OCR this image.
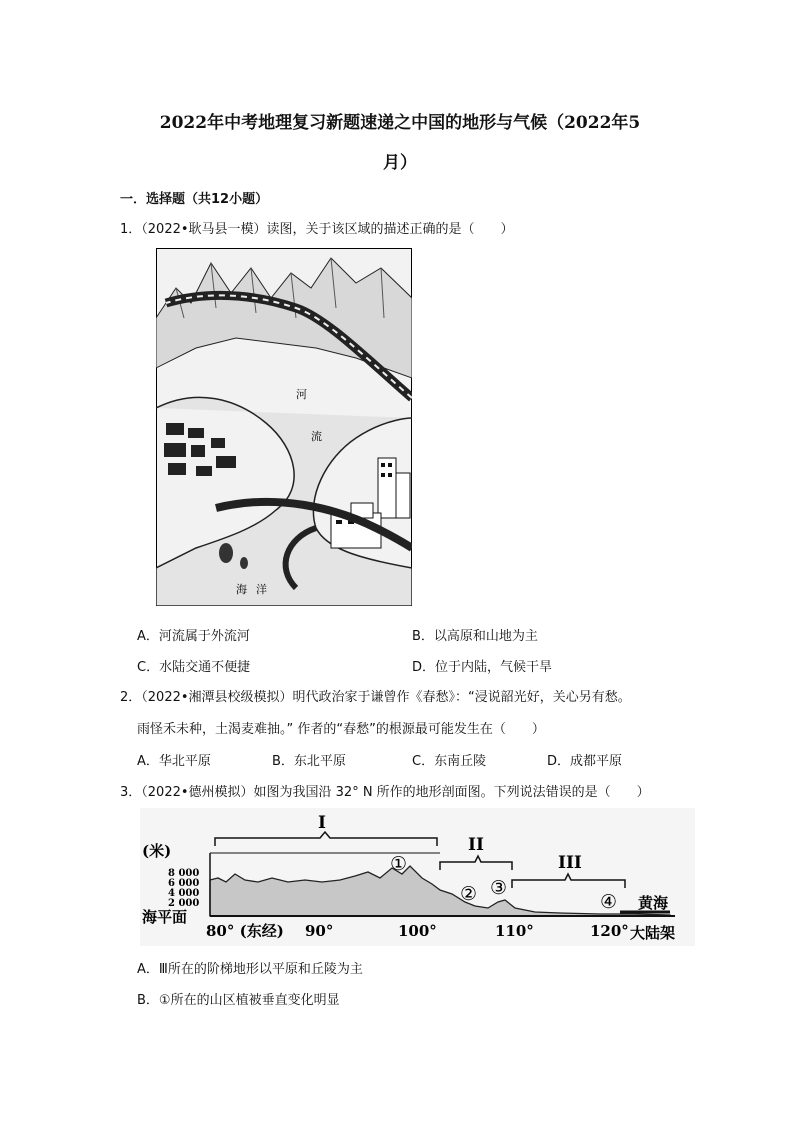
2022年中考地理复习新题速递之中国的地形与气候（2022年5
月）
一．选择题（共12小题）
1．（2022•耿马县一模）读图，关于该区域的描述正确的是（　　）
河
流
海 洋
A．河流属于外流河	B．以高原和山地为主
C．水陆交通不便捷	D．位于内陆，气候干旱
2．（2022•湘潭县校级模拟）明代政治家于谦曾作《春愁》：“浸说韶光好，关心另有愁。
雨怪禾未种，土渴麦难抽。” 作者的“春愁”的根源最可能发生在（　　）
A．华北平原	B．东北平原	C．东南丘陵	D．成都平原
3．（2022•德州模拟）如图为我国沿 32° N 所作的地形剖面图。下列说法错误的是（　　）
(米)
8 000
6 000
4 000
2 000
海平面
80° (东经) 90°	100°	110°	120° 大陆架
黄海
I
II
III
①
② ③
④
A．Ⅲ所在的阶梯地形以平原和丘陵为主
B．①所在的山区植被垂直变化明显
